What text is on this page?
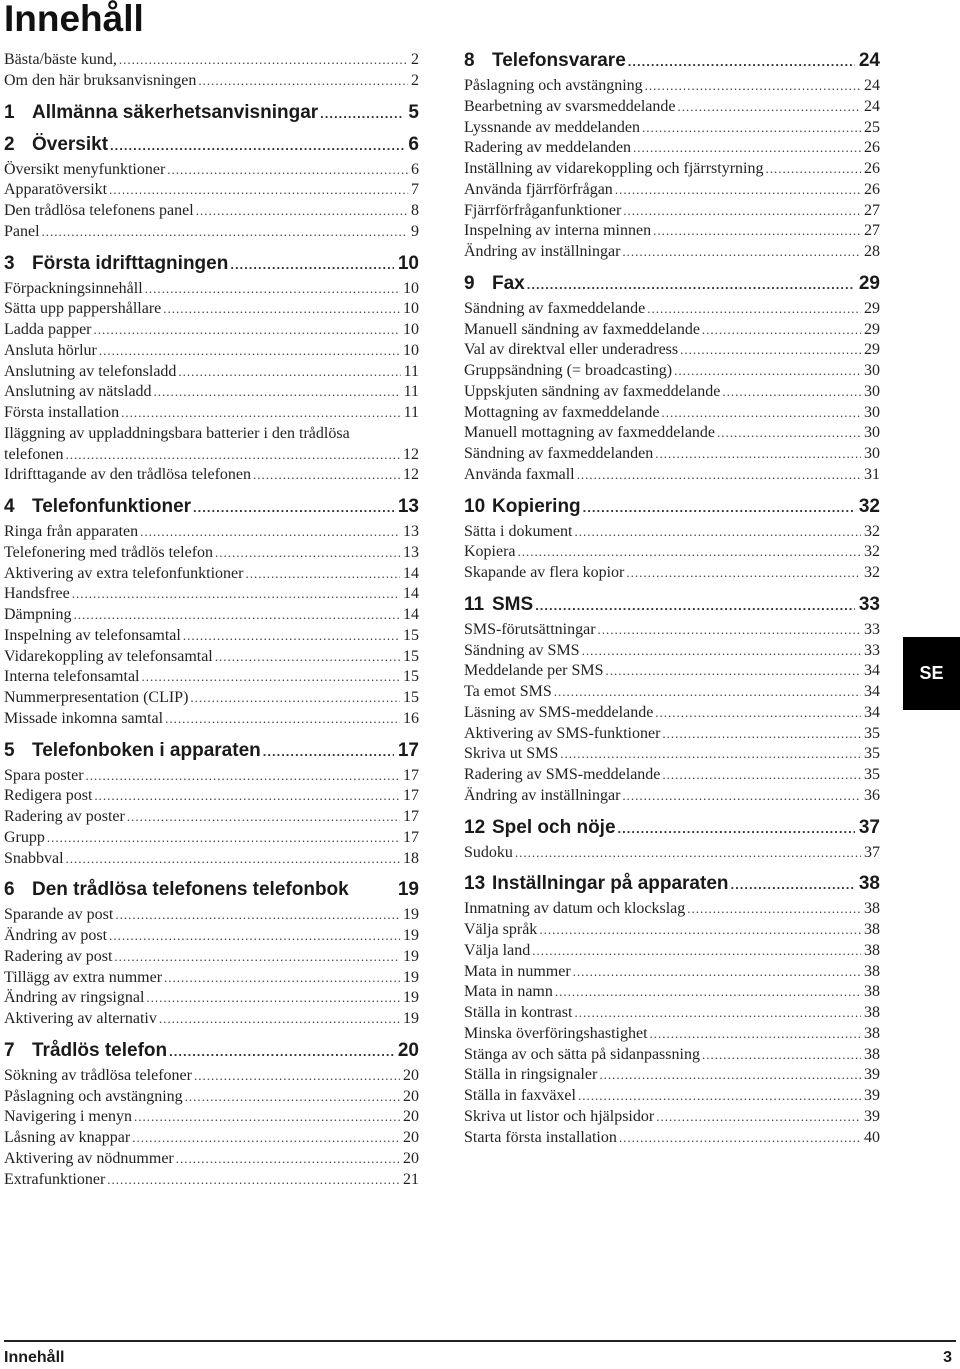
Innehåll
Bästa/bäste kund, .....	2
Om den här bruksanvisningen .....	2
1 Allmänna säkerhetsanvisningar .....	5
2 Översikt .....	6
Översikt menyfunktioner .....	6
Apparatöversikt .....	7
Den trådlösa telefonens panel .....	8
Panel .....	9
3 Första idrifttagningen .....	10
Förpackningsinnehåll .....	10
Sätta upp pappershållare .....	10
Ladda papper .....	10
Ansluta hörlur .....	10
Anslutning av telefonsladd .....	11
Anslutning av nätsladd .....	11
Första installation .....	11
Iläggning av uppladdningsbara batterier i den trådlösa
telefonen .....	12
Idrifttagande av den trådlösa telefonen .....	12
4 Telefonfunktioner .....	13
Ringa från apparaten .....	13
Telefonering med trådlös telefon .....	13
Aktivering av extra telefonfunktioner .....	14
Handsfree .....	14
Dämpning .....	14
Inspelning av telefonsamtal .....	15
Vidarekoppling av telefonsamtal .....	15
Interna telefonsamtal .....	15
Nummerpresentation (CLIP) .....	15
Missade inkomna samtal .....	16
5 Telefonboken i apparaten .....	17
Spara poster .....	17
Redigera post .....	17
Radering av poster .....	17
Grupp .....	17
Snabbval .....	18
6 Den trådlösa telefonens telefonbok	19
Sparande av post .....	19
Ändring av post .....	19
Radering av post .....	19
Tillägg av extra nummer .....	19
Ändring av ringsignal .....	19
Aktivering av alternativ .....	19
7 Trådlös telefon .....	20
Sökning av trådlösa telefoner .....	20
Påslagning och avstängning .....	20
Navigering i menyn .....	20
Låsning av knappar .....	20
Aktivering av nödnummer .....	20
Extrafunktioner .....	21
8 Telefonsvarare .....	24
Påslagning och avstängning .....	24
Bearbetning av svarsmeddelande .....	24
Lyssnande av meddelanden .....	25
Radering av meddelanden .....	26
Inställning av vidarekoppling och fjärrstyrning .....	26
Använda fjärrförfrågan .....	26
Fjärrförfråganfunktioner .....	27
Inspelning av interna minnen .....	27
Ändring av inställningar .....	28
9 Fax .....	29
Sändning av faxmeddelande .....	29
Manuell sändning av faxmeddelande .....	29
Val av direktval eller underadress .....	29
Gruppsändning (= broadcasting) .....	30
Uppskjuten sändning av faxmeddelande .....	30
Mottagning av faxmeddelande .....	30
Manuell mottagning av faxmeddelande .....	30
Sändning av faxmeddelanden .....	30
Använda faxmall .....	31
10 Kopiering .....	32
Sätta i dokument .....	32
Kopiera .....	32
Skapande av flera kopior .....	32
11 SMS .....	33
SMS-förutsättningar .....	33
Sändning av SMS .....	33
Meddelande per SMS .....	34
Ta emot SMS .....	34
Läsning av SMS-meddelande .....	34
Aktivering av SMS-funktioner .....	35
Skriva ut SMS .....	35
Radering av SMS-meddelande .....	35
Ändring av inställningar .....	36
12 Spel och nöje .....	37
Sudoku .....	37
13 Inställningar på apparaten .....	38
Inmatning av datum och klockslag .....	38
Välja språk .....	38
Välja land .....	38
Mata in nummer .....	38
Mata in namn .....	38
Ställa in kontrast .....	38
Minska överföringshastighet .....	38
Stänga av och sätta på sidanpassning .....	38
Ställa in ringsignaler .....	39
Ställa in faxväxel .....	39
Skriva ut listor och hjälpsidor .....	39
Starta första installation .....	40
SE
Innehåll	3
